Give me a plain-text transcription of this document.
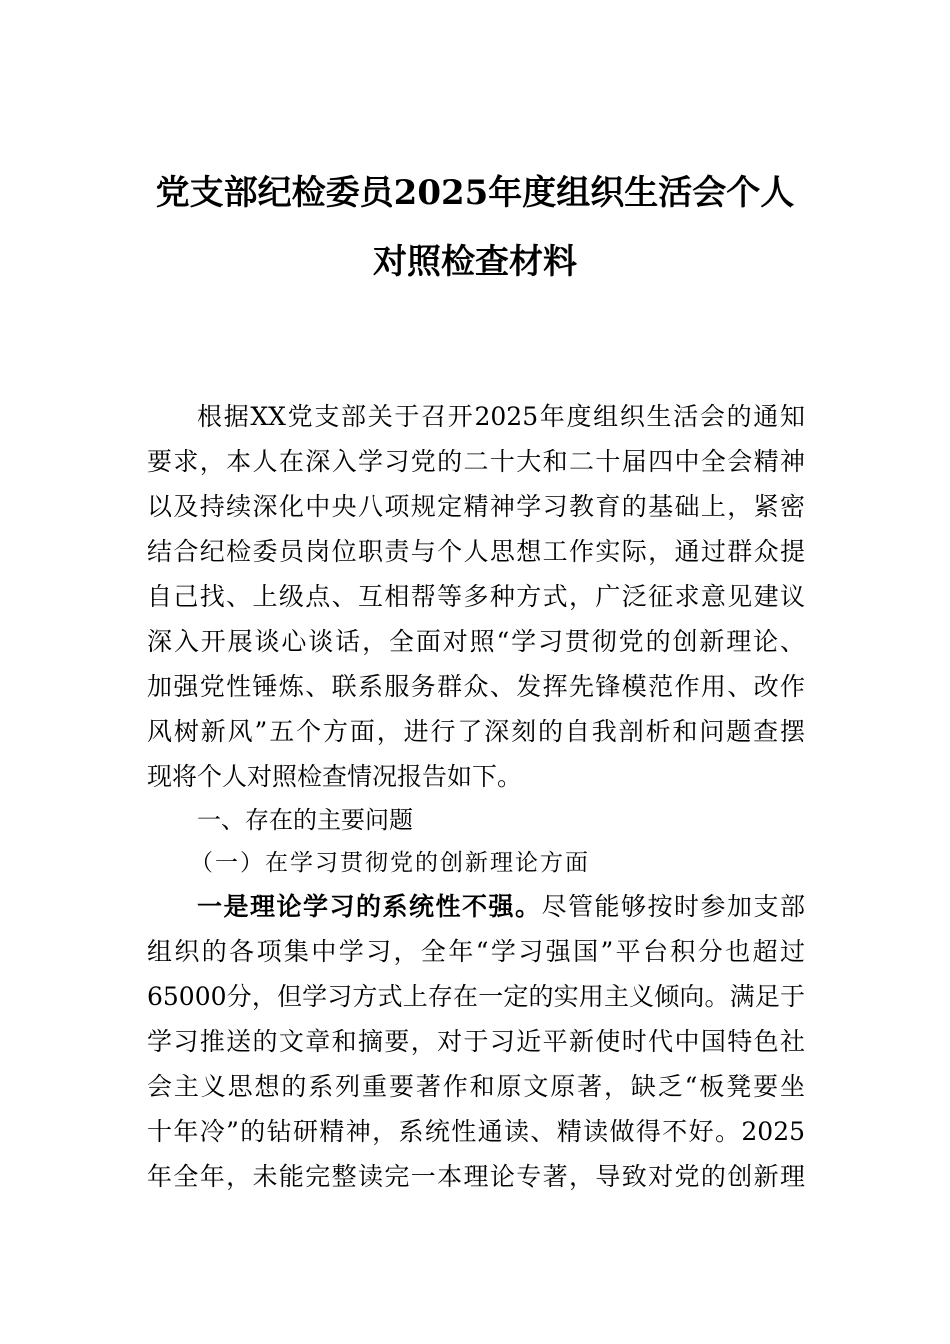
党支部纪检委员2025年度组织生活会个人
对照检查材料
根据XX党支部关于召开2025年度组织生活会的通知
要求，本人在深入学习党的二十大和二十届四中全会精神
以及持续深化中央八项规定精神学习教育的基础上，紧密
结合纪检委员岗位职责与个人思想工作实际，通过群众提
自己找、上级点、互相帮等多种方式，广泛征求意见建议
深入开展谈心谈话，全面对照“学习贯彻党的创新理论、
加强党性锤炼、联系服务群众、发挥先锋模范作用、改作
风树新风”五个方面，进行了深刻的自我剖析和问题查摆
现将个人对照检查情况报告如下。
一、存在的主要问题
（一）在学习贯彻党的创新理论方面
一是理论学习的系统性不强。尽管能够按时参加支部
组织的各项集中学习，全年“学习强国”平台积分也超过
65000分，但学习方式上存在一定的实用主义倾向。满足于
学习推送的文章和摘要，对于习近平新使时代中国特色社
会主义思想的系列重要著作和原文原著，缺乏“板凳要坐
十年冷”的钻研精神，系统性通读、精读做得不好。2025
年全年，未能完整读完一本理论专著，导致对党的创新理
